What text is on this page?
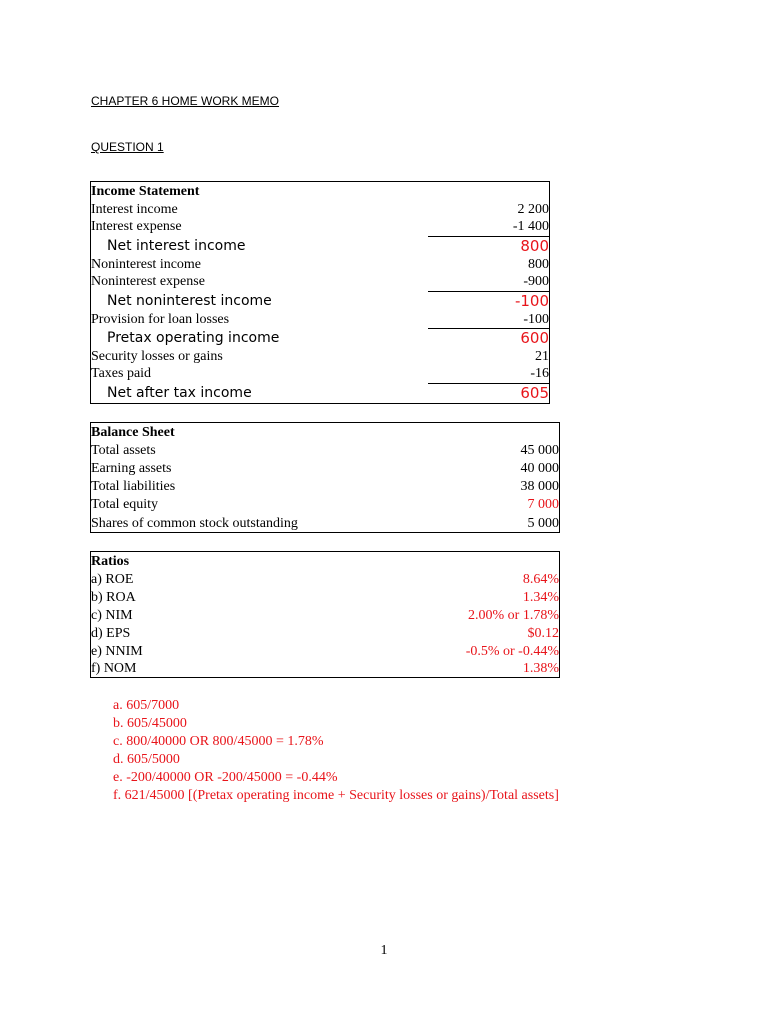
CHAPTER 6 HOME WORK MEMO
QUESTION 1
Income Statement
Interest income	2 200
Interest expense	-1 400
Net interest income	800
Noninterest income	800
Noninterest expense	-900
Net noninterest income	-100
Provision for loan losses	-100
Pretax operating income	600
Security losses or gains	21
Taxes paid	-16
Net after tax income	605
Balance Sheet
Total assets	45 000
Earning assets	40 000
Total liabilities	38 000
Total equity	7 000
Shares of common stock outstanding	5 000
Ratios
a) ROE	8.64%
b) ROA	1.34%
c) NIM	2.00% or 1.78%
d) EPS	$0.12
e) NNIM	-0.5% or -0.44%
f) NOM	1.38%
a. 605/7000
b. 605/45000
c. 800/40000 OR 800/45000 = 1.78%
d. 605/5000
e. -200/40000 OR -200/45000 = -0.44%
f. 621/45000 [(Pretax operating income + Security losses or gains)/Total assets]
1
